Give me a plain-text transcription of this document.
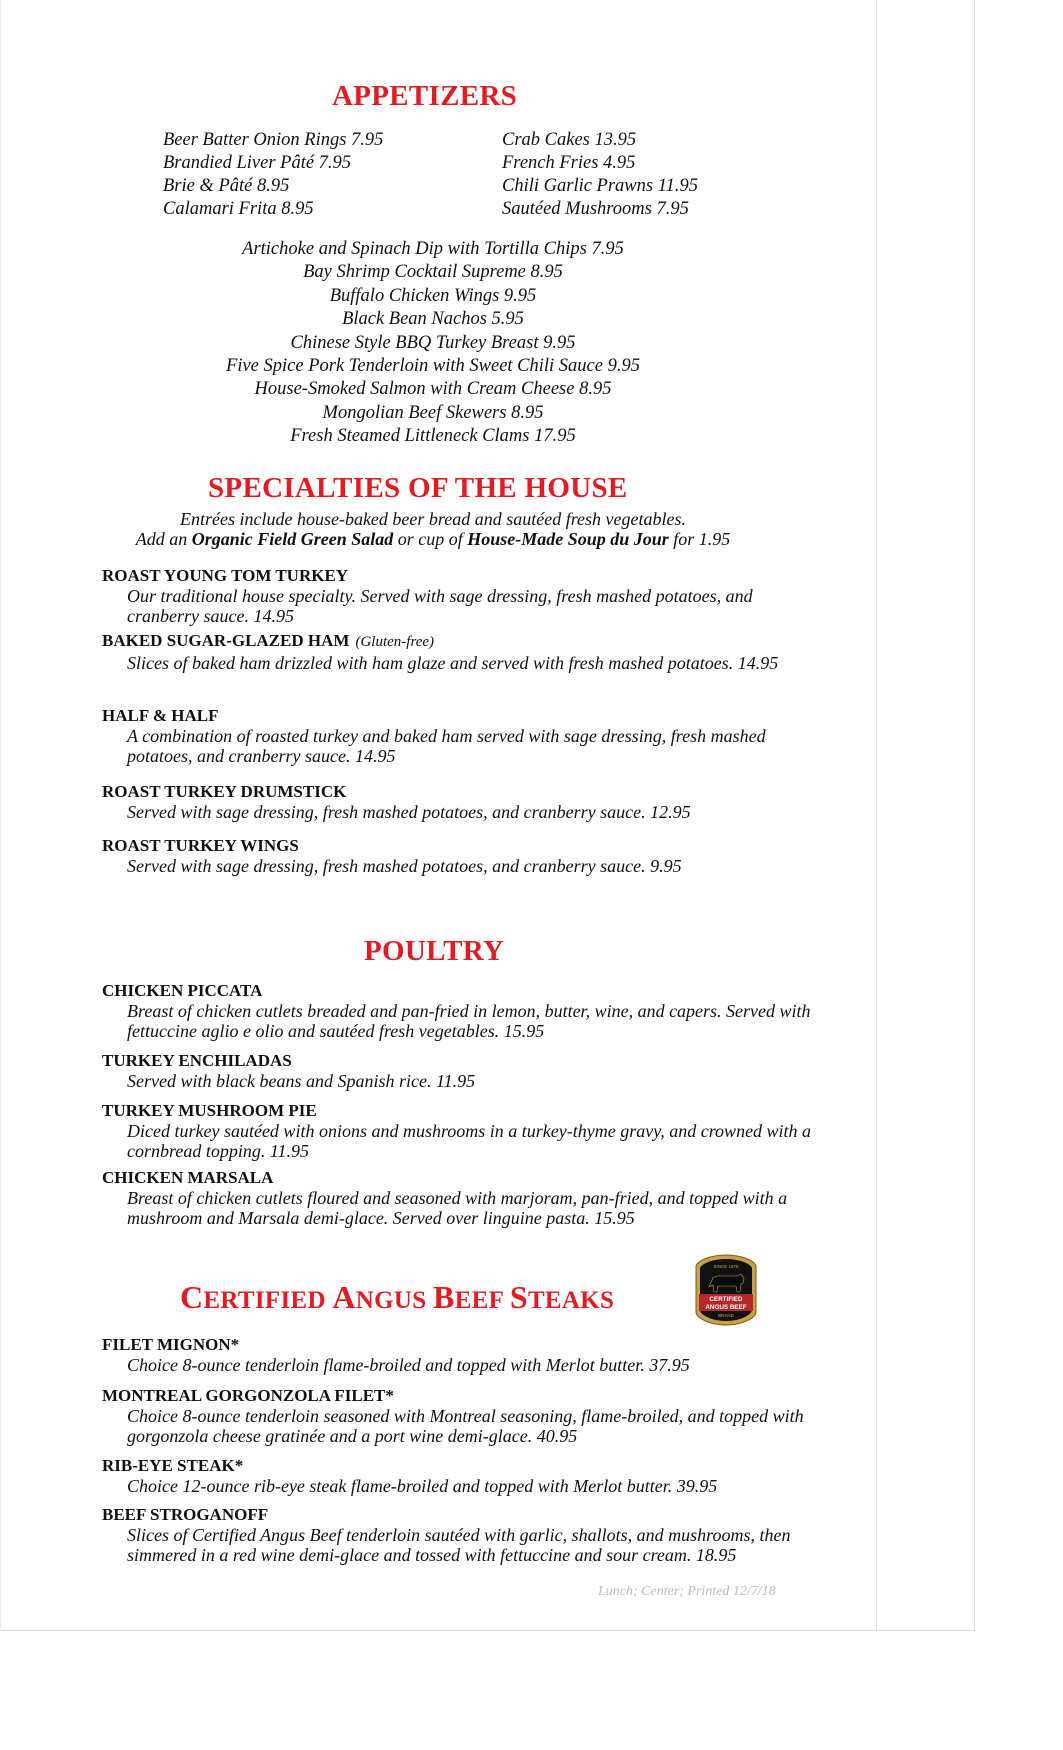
APPETIZERS
Beer Batter Onion Rings 7.95
Brandied Liver Pâté 7.95
Brie & Pâté 8.95
Calamari Frita 8.95
Crab Cakes 13.95
French Fries 4.95
Chili Garlic Prawns 11.95
Sautéed Mushrooms 7.95
Artichoke and Spinach Dip with Tortilla Chips 7.95
Bay Shrimp Cocktail Supreme 8.95
Buffalo Chicken Wings 9.95
Black Bean Nachos 5.95
Chinese Style BBQ Turkey Breast 9.95
Five Spice Pork Tenderloin with Sweet Chili Sauce 9.95
House-Smoked Salmon with Cream Cheese 8.95
Mongolian Beef Skewers 8.95
Fresh Steamed Littleneck Clams 17.95
SPECIALTIES OF THE HOUSE
Entrées include house-baked beer bread and sautéed fresh vegetables.
Add an Organic Field Green Salad or cup of House-Made Soup du Jour for 1.95
ROAST YOUNG TOM TURKEY
Our traditional house specialty. Served with sage dressing, fresh mashed potatoes, and cranberry sauce. 14.95
BAKED SUGAR-GLAZED HAM (Gluten-free)
Slices of baked ham drizzled with ham glaze and served with fresh mashed potatoes. 14.95
HALF & HALF
A combination of roasted turkey and baked ham served with sage dressing, fresh mashed potatoes, and cranberry sauce. 14.95
ROAST TURKEY DRUMSTICK
Served with sage dressing, fresh mashed potatoes, and cranberry sauce. 12.95
ROAST TURKEY WINGS
Served with sage dressing, fresh mashed potatoes, and cranberry sauce. 9.95
POULTRY
CHICKEN PICCATA
Breast of chicken cutlets breaded and pan-fried in lemon, butter, wine, and capers. Served with fettuccine aglio e olio and sautéed fresh vegetables. 15.95
TURKEY ENCHILADAS
Served with black beans and Spanish rice. 11.95
TURKEY MUSHROOM PIE
Diced turkey sautéed with onions and mushrooms in a turkey-thyme gravy, and crowned with a cornbread topping. 11.95
CHICKEN MARSALA
Breast of chicken cutlets floured and seasoned with marjoram, pan-fried, and topped with a mushroom and Marsala demi-glace. Served over linguine pasta. 15.95
CERTIFIED ANGUS BEEF STEAKS
SINCE 1978
CERTIFIED
ANGUS BEEF
BRAND
FILET MIGNON*
Choice 8-ounce tenderloin flame-broiled and topped with Merlot butter. 37.95
MONTREAL GORGONZOLA FILET*
Choice 8-ounce tenderloin seasoned with Montreal seasoning, flame-broiled, and topped with gorgonzola cheese gratinée and a port wine demi-glace. 40.95
RIB-EYE STEAK*
Choice 12-ounce rib-eye steak flame-broiled and topped with Merlot butter. 39.95
BEEF STROGANOFF
Slices of Certified Angus Beef tenderloin sautéed with garlic, shallots, and mushrooms, then simmered in a red wine demi-glace and tossed with fettuccine and sour cream. 18.95
Lunch; Center; Printed 12/7/18
